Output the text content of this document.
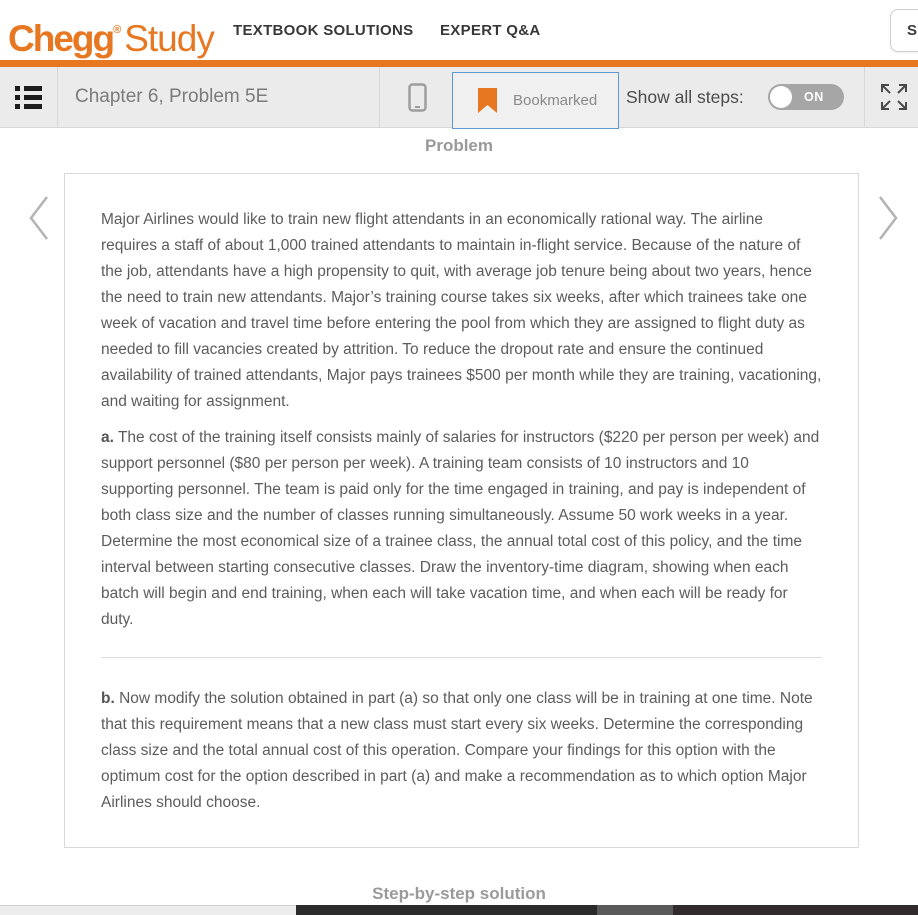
Chegg®Study TEXTBOOK SOLUTIONS EXPERT Q&A	S
Chapter 6, Problem 5E	Bookmarked Show all steps:	ON
Problem

Major Airlines would like to train new flight attendants in an economically rational way. The airline requires a staff of about 1,000 trained attendants to maintain in-flight service. Because of the nature of the job, attendants have a high propensity to quit, with average job tenure being about two years, hence the need to train new attendants. Major’s training course takes six weeks, after which trainees take one week of vacation and travel time before entering the pool from which they are assigned to flight duty as needed to fill vacancies created by attrition. To reduce the dropout rate and ensure the continued availability of trained attendants, Major pays trainees $500 per month while they are training, vacationing, and waiting for assignment.

a. The cost of the training itself consists mainly of salaries for instructors ($220 per person per week) and support personnel ($80 per person per week). A training team consists of 10 instructors and 10 supporting personnel. The team is paid only for the time engaged in training, and pay is independent of both class size and the number of classes running simultaneously. Assume 50 work weeks in a year. Determine the most economical size of a trainee class, the annual total cost of this policy, and the time interval between starting consecutive classes. Draw the inventory-time diagram, showing when each batch will begin and end training, when each will take vacation time, and when each will be ready for duty.

b. Now modify the solution obtained in part (a) so that only one class will be in training at one time. Note that this requirement means that a new class must start every six weeks. Determine the corresponding class size and the total annual cost of this operation. Compare your findings for this option with the optimum cost for the option described in part (a) and make a recommendation as to which option Major Airlines should choose.

Step-by-step solution
